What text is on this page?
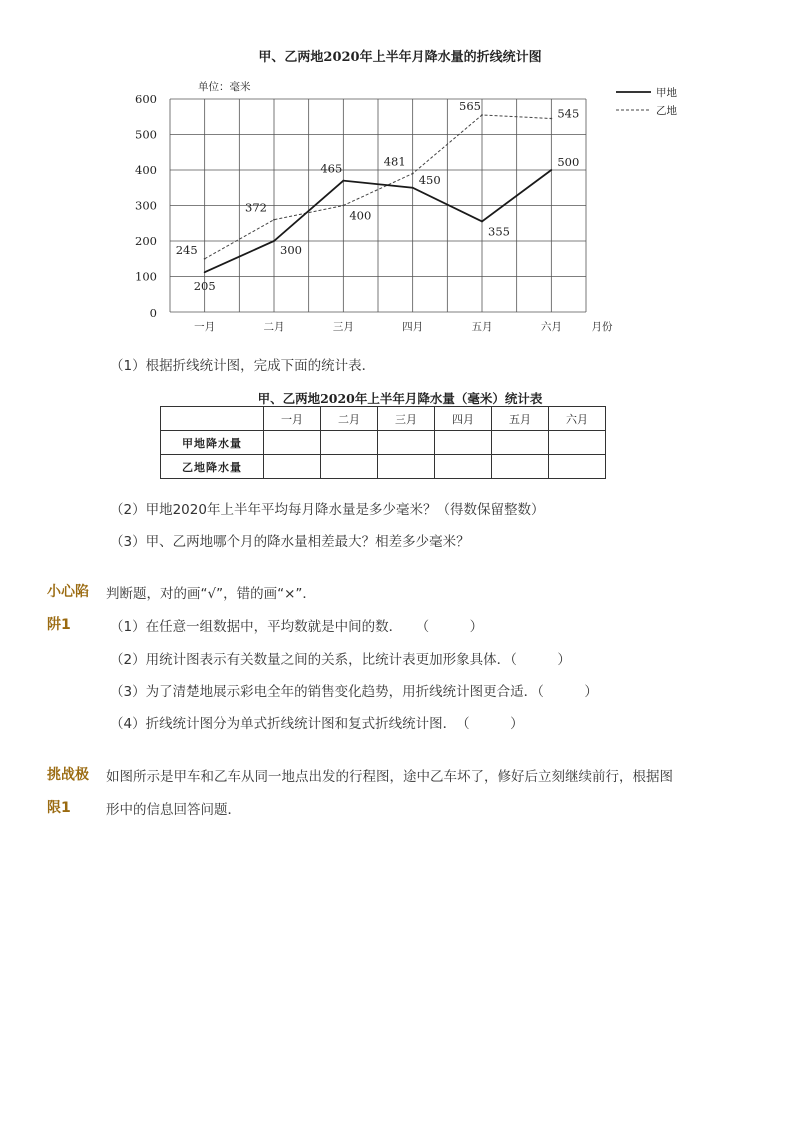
甲、乙两地2020年上半年月降水量的折线统计图
0
100
200
300
400
500
600
单位：毫米
一月	二月	三月	四月	五月	六月	月份
205
300
465
450
355
500
245
372
400
481
565
545
甲地
乙地
（1）根据折线统计图，完成下面的统计表．
甲、乙两地2020年上半年月降水量（毫米）统计表
	一月	二月	三月	四月	五月	六月
甲地降水量						
乙地降水量						
（2）甲地2020年上半年平均每月降水量是多少毫米？（得数保留整数）
（3）甲、乙两地哪个月的降水量相差最大？相差多少毫米？
小心陷
阱1
判断题，对的画“√”，错的画“×”．
（1）在任意一组数据中，平均数就是中间的数．　　（　　　）
（2）用统计图表示有关数量之间的关系，比统计表更加形象具体．（　　　）
（3）为了清楚地展示彩电全年的销售变化趋势，用折线统计图更合适．（　　　）
（4）折线统计图分为单式折线统计图和复式折线统计图．　（　　　）
挑战极
限1
如图所示是甲车和乙车从同一地点出发的行程图，途中乙车坏了，修好后立刻继续前行，根据图
形中的信息回答问题．
